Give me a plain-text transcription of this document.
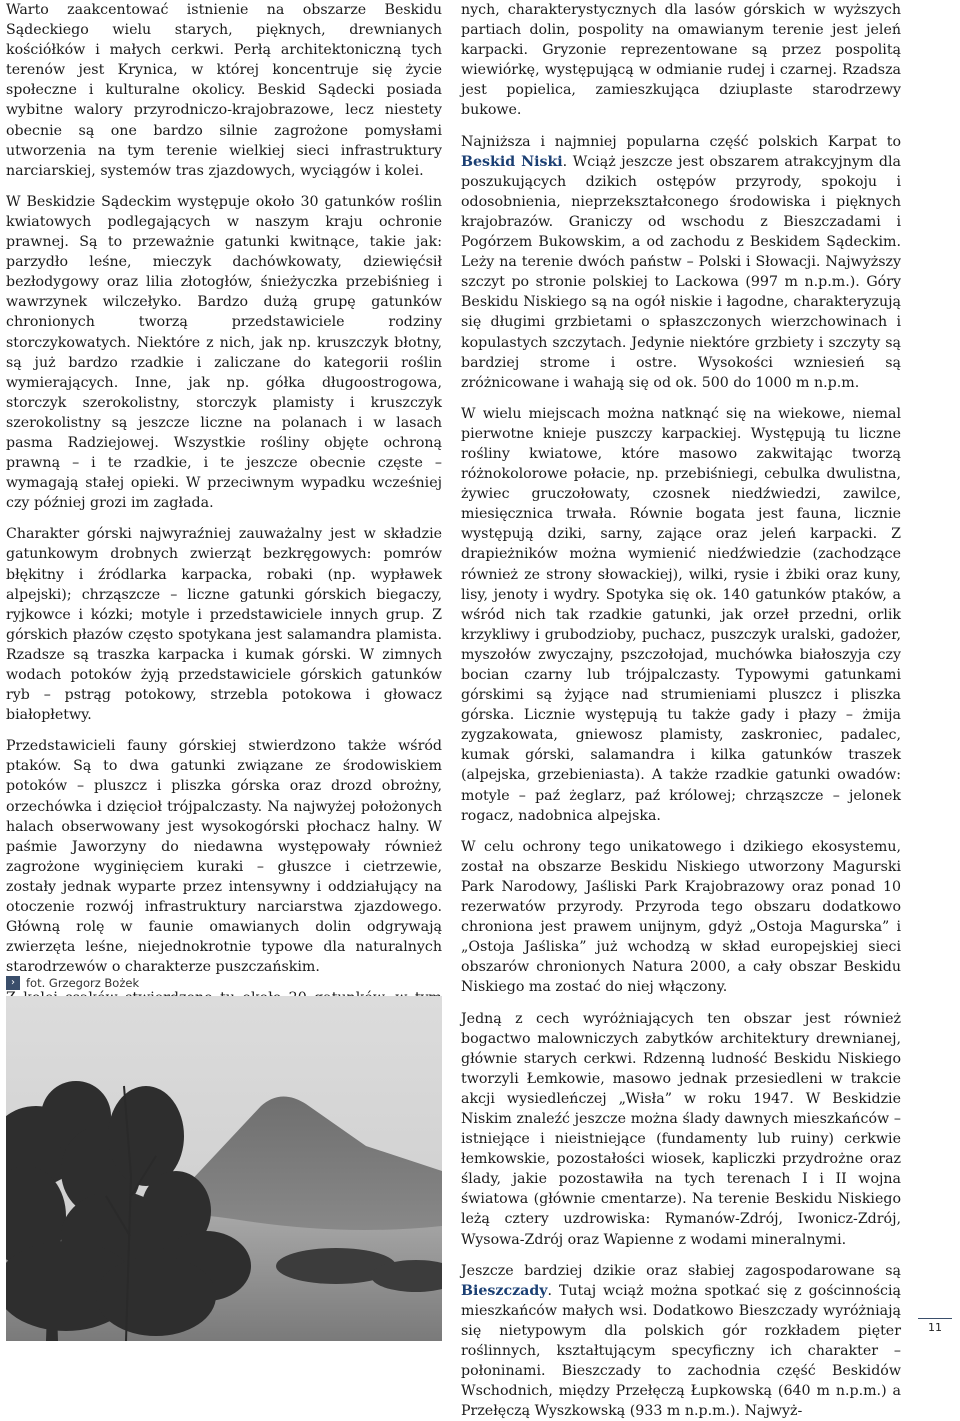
Warto zaakcentować istnienie na obszarze Beskidu Sądeckiego wielu starych, pięknych, drewnianych kościółków i małych cerkwi. Perłą architektoniczną tych terenów jest Krynica, w której koncentruje się życie społeczne i kulturalne okolicy. Beskid Sądecki posiada wybitne walory przyrodniczo-krajobrazowe, lecz niestety obecnie są one bardzo silnie zagrożone pomysłami utworzenia na tym terenie wielkiej sieci infrastruktury narciarskiej, systemów tras zjazdowych, wyciągów i kolei.

W Beskidzie Sądeckim występuje około 30 gatunków roślin kwiatowych podlegających w naszym kraju ochronie prawnej. Są to przeważnie gatunki kwitnące, takie jak: parzydło leśne, mieczyk dachówkowaty, dziewięćsił bezłodygowy oraz lilia złotogłów, śnieżyczka przebiśnieg i wawrzynek wilczełyko. Bardzo dużą grupę gatunków chronionych tworzą przedstawiciele rodziny storczykowatych. Niektóre z nich, jak np. kruszczyk błotny, są już bardzo rzadkie i zaliczane do kategorii roślin wymierających. Inne, jak np. gółka długoostrogowa, storczyk szerokolistny, storczyk plamisty i kruszczyk szerokolistny są jeszcze liczne na polanach i w lasach pasma Radziejowej. Wszystkie rośliny objęte ochroną prawną – i te rzadkie, i te jeszcze obecnie częste – wymagają stałej opieki. W przeciwnym wypadku wcześniej czy później grozi im zagłada.

Charakter górski najwyraźniej zauważalny jest w składzie gatunkowym drobnych zwierząt bezkręgowych: pomrów błękitny i źródlarka karpacka, robaki (np. wypławek alpejski); chrząszcze – liczne gatunki górskich biegaczy, ryjkowce i kózki; motyle i przedstawiciele innych grup. Z górskich płazów często spotykana jest salamandra plamista. Rzadsze są traszka karpacka i kumak górski. W zimnych wodach potoków żyją przedstawiciele górskich gatunków ryb – pstrąg potokowy, strzebla potokowa i głowacz białopłetwy.

Przedstawicieli fauny górskiej stwierdzono także wśród ptaków. Są to dwa gatunki związane ze środowiskiem potoków – pluszcz i pliszka górska oraz drozd obrożny, orzechówka i dzięcioł trójpalczasty. Na najwyżej położonych halach obserwowany jest wysokogórski płochacz halny. W paśmie Jaworzyny do niedawna występowały również zagrożone wyginięciem kuraki – głuszce i cietrzewie, zostały jednak wyparte przez intensywny i oddziałujący na otoczenie rozwój infrastruktury narciarstwa zjazdowego. Główną rolę w faunie omawianych dolin odgrywają zwierzęta leśne, niejednokrotnie typowe dla naturalnych starodrzewów o charakterze puszczańskim.

› fot. Grzegorz Bożek

nych, charakterystycznych dla lasów górskich w wyższych partiach dolin, pospolity na omawianym terenie jest jeleń karpacki. Gryzonie reprezentowane są przez pospolitą wiewiórkę, występującą w odmianie rudej i czarnej. Rzadsza jest popielica, zamieszkująca dziuplaste starodrzewy bukowe.

Najniższa i najmniej popularna część polskich Karpat to Beskid Niski. Wciąż jeszcze jest obszarem atrakcyjnym dla poszukujących dzikich ostępów przyrody, spokoju i odosobnienia, nieprzekształconego środowiska i pięknych krajobrazów. Graniczy od wschodu z Bieszczadami i Pogórzem Bukowskim, a od zachodu z Beskidem Sądeckim. Leży na terenie dwóch państw – Polski i Słowacji. Najwyższy szczyt po stronie polskiej to Lackowa (997 m n.p.m.). Góry Beskidu Niskiego są na ogół niskie i łagodne, charakteryzują się długimi grzbietami o spłaszczonych wierzchowinach i kopulastych szczytach. Jedynie niektóre grzbiety i szczyty są bardziej strome i ostre. Wysokości wzniesień są zróżnicowane i wahają się od ok. 500 do 1000 m n.p.m.

W wielu miejscach można natknąć się na wiekowe, niemal pierwotne knieje puszczy karpackiej. Występują tu liczne rośliny kwiatowe, które masowo zakwitając tworzą różnokolorowe połacie, np. przebiśniegi, cebulka dwulistna, żywiec gruczołowaty, czosnek niedźwiedzi, zawilce, miesięcznica trwała. Równie bogata jest fauna, licznie występują dziki, sarny, zające oraz jeleń karpacki. Z drapieżników można wymienić niedźwiedzie (zachodzące również ze strony słowackiej), wilki, rysie i żbiki oraz kuny, lisy, jenoty i wydry. Spotyka się ok. 140 gatunków ptaków, a wśród nich tak rzadkie gatunki, jak orzeł przedni, orlik krzykliwy i grubodzioby, puchacz, puszczyk uralski, gadożer, myszołów zwyczajny, pszczołojad, muchówka białoszyja czy bocian czarny lub trójpalczasty. Typowymi gatunkami górskimi są żyjące nad strumieniami pluszcz i pliszka górska. Licznie występują tu także gady i płazy – żmija zygzakowata, gniewosz plamisty, zaskroniec, padalec, kumak górski, salamandra i kilka gatunków traszek (alpejska, grzebieniasta). A także rzadkie gatunki owadów: motyle – paź żeglarz, paź królowej; chrząszcze – jelonek rogacz, nadobnica alpejska.

W celu ochrony tego unikatowego i dzikiego ekosystemu, został na obszarze Beskidu Niskiego utworzony Magurski Park Narodowy, Jaśliski Park Krajobrazowy oraz ponad 10 rezerwatów przyrody. Przyroda tego obszaru dodatkowo chroniona jest prawem unijnym, gdyż „Ostoja Magurska” i „Ostoja Jaśliska” już wchodzą w skład europejskiej sieci obszarów chronionych Natura 2000, a cały obszar Beskidu Niskiego ma zostać do niej włączony.

Jedną z cech wyróżniających ten obszar jest również bogactwo malowniczych zabytków architektury drewnianej, głównie starych cerkwi. Rdzenną ludność Beskidu Niskiego tworzyli Łemkowie, masowo jednak przesiedleni w trakcie akcji wysiedleńczej „Wisła” w roku 1947. W Beskidzie Niskim znaleźć jeszcze można ślady dawnych mieszkańców – istniejące i nieistniejące (fundamenty lub ruiny) cerkwie łemkowskie, pozostałości wiosek, kapliczki przydrożne oraz ślady, jakie pozostawiła na tych terenach I i II wojna światowa (głównie cmentarze). Na terenie Beskidu Niskiego leżą cztery uzdrowiska: Rymanów-Zdrój, Iwonicz-Zdrój, Wysowa-Zdrój oraz Wapienne z wodami mineralnymi.

Jeszcze bardziej dzikie oraz słabiej zagospodarowane są Bieszczady. Tutaj wciąż można spotkać się z gościnnością mieszkańców małych wsi. Dodatkowo Bieszczady wyróżniają się nietypowym dla polskich gór rozkładem pięter roślinnych, kształtującym specyficzny ich charakter – połoninami. Bieszczady to zachodnia część Beskidów Wschodnich, między Przełęczą Łupkowską (640 m n.p.m.) a Przełęczą Wyszkowską (933 m n.p.m.). Najwyż-

11
